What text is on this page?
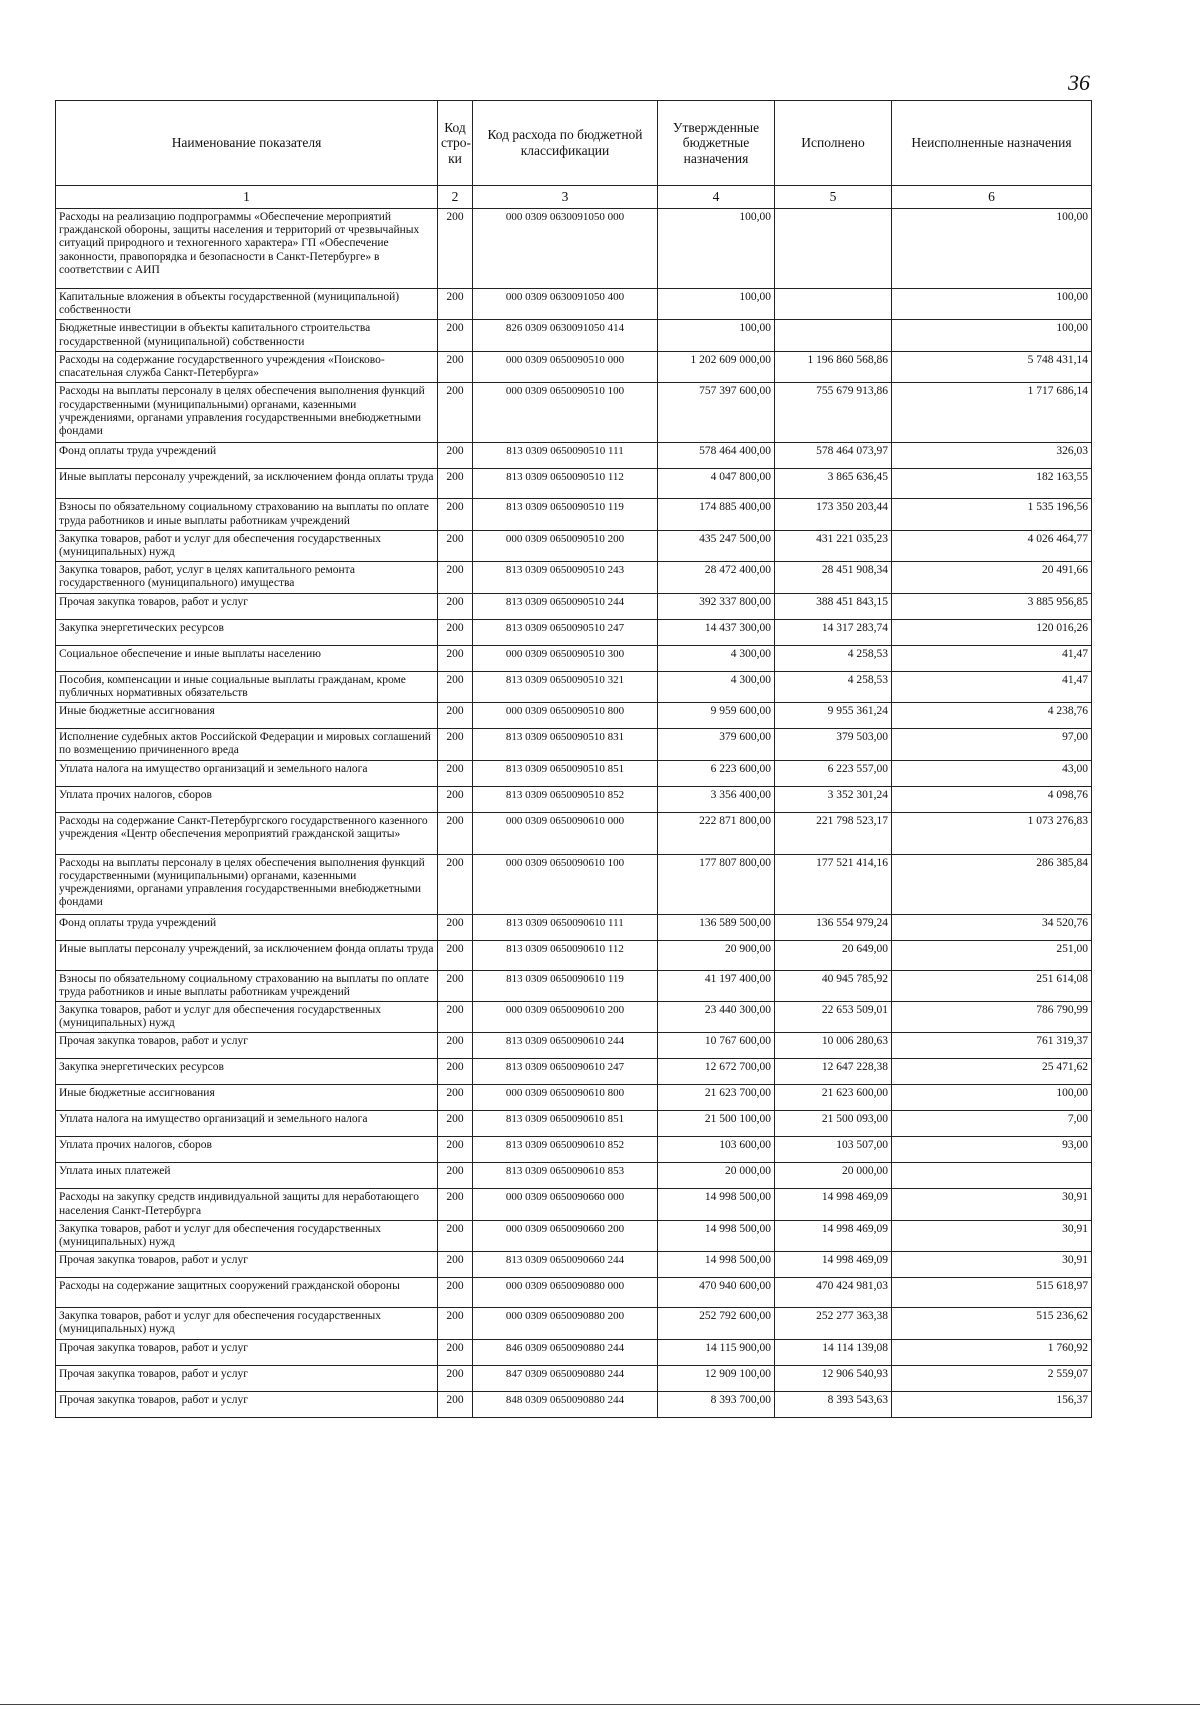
36
Наименование показателя	Код стро-ки	Код расхода по бюджетной классификации	Утвержденные бюджетные назначения	Исполнено	Неисполненные назначения
1	2	3	4	5	6
Расходы на реализацию подпрограммы «Обеспечение мероприятий гражданской обороны, защиты населения и территорий от чрезвычайных ситуаций природного и техногенного характера» ГП «Обеспечение законности, правопорядка и безопасности в Санкт-Петербурге» в соответствии с АИП	200	000 0309 0630091050 000	100,00		100,00
Капитальные вложения в объекты государственной (муниципальной) собственности	200	000 0309 0630091050 400	100,00		100,00
Бюджетные инвестиции в объекты капитального строительства государственной (муниципальной) собственности	200	826 0309 0630091050 414	100,00		100,00
Расходы на содержание государственного учреждения «Поисково-спасательная служба Санкт-Петербурга»	200	000 0309 0650090510 000	1 202 609 000,00	1 196 860 568,86	5 748 431,14
Расходы на выплаты персоналу в целях обеспечения выполнения функций государственными (муниципальными) органами, казенными учреждениями, органами управления государственными внебюджетными фондами	200	000 0309 0650090510 100	757 397 600,00	755 679 913,86	1 717 686,14
Фонд оплаты труда учреждений	200	813 0309 0650090510 111	578 464 400,00	578 464 073,97	326,03
Иные выплаты персоналу учреждений, за исключением фонда оплаты труда	200	813 0309 0650090510 112	4 047 800,00	3 865 636,45	182 163,55
Взносы по обязательному социальному страхованию на выплаты по оплате труда работников и иные выплаты работникам учреждений	200	813 0309 0650090510 119	174 885 400,00	173 350 203,44	1 535 196,56
Закупка товаров, работ и услуг для обеспечения государственных (муниципальных) нужд	200	000 0309 0650090510 200	435 247 500,00	431 221 035,23	4 026 464,77
Закупка товаров, работ, услуг в целях капитального ремонта государственного (муниципального) имущества	200	813 0309 0650090510 243	28 472 400,00	28 451 908,34	20 491,66
Прочая закупка товаров, работ и услуг	200	813 0309 0650090510 244	392 337 800,00	388 451 843,15	3 885 956,85
Закупка энергетических ресурсов	200	813 0309 0650090510 247	14 437 300,00	14 317 283,74	120 016,26
Социальное обеспечение и иные выплаты населению	200	000 0309 0650090510 300	4 300,00	4 258,53	41,47
Пособия, компенсации и иные социальные выплаты гражданам, кроме публичных нормативных обязательств	200	813 0309 0650090510 321	4 300,00	4 258,53	41,47
Иные бюджетные ассигнования	200	000 0309 0650090510 800	9 959 600,00	9 955 361,24	4 238,76
Исполнение судебных актов Российской Федерации и мировых соглашений по возмещению причиненного вреда	200	813 0309 0650090510 831	379 600,00	379 503,00	97,00
Уплата налога на имущество организаций и земельного налога	200	813 0309 0650090510 851	6 223 600,00	6 223 557,00	43,00
Уплата прочих налогов, сборов	200	813 0309 0650090510 852	3 356 400,00	3 352 301,24	4 098,76
Расходы на содержание Санкт-Петербургского государственного казенного учреждения «Центр обеспечения мероприятий гражданской защиты»	200	000 0309 0650090610 000	222 871 800,00	221 798 523,17	1 073 276,83
Расходы на выплаты персоналу в целях обеспечения выполнения функций государственными (муниципальными) органами, казенными учреждениями, органами управления государственными внебюджетными фондами	200	000 0309 0650090610 100	177 807 800,00	177 521 414,16	286 385,84
Фонд оплаты труда учреждений	200	813 0309 0650090610 111	136 589 500,00	136 554 979,24	34 520,76
Иные выплаты персоналу учреждений, за исключением фонда оплаты труда	200	813 0309 0650090610 112	20 900,00	20 649,00	251,00
Взносы по обязательному социальному страхованию на выплаты по оплате труда работников и иные выплаты работникам учреждений	200	813 0309 0650090610 119	41 197 400,00	40 945 785,92	251 614,08
Закупка товаров, работ и услуг для обеспечения государственных (муниципальных) нужд	200	000 0309 0650090610 200	23 440 300,00	22 653 509,01	786 790,99
Прочая закупка товаров, работ и услуг	200	813 0309 0650090610 244	10 767 600,00	10 006 280,63	761 319,37
Закупка энергетических ресурсов	200	813 0309 0650090610 247	12 672 700,00	12 647 228,38	25 471,62
Иные бюджетные ассигнования	200	000 0309 0650090610 800	21 623 700,00	21 623 600,00	100,00
Уплата налога на имущество организаций и земельного налога	200	813 0309 0650090610 851	21 500 100,00	21 500 093,00	7,00
Уплата прочих налогов, сборов	200	813 0309 0650090610 852	103 600,00	103 507,00	93,00
Уплата иных платежей	200	813 0309 0650090610 853	20 000,00	20 000,00	
Расходы на закупку средств индивидуальной защиты для неработающего населения Санкт-Петербурга	200	000 0309 0650090660 000	14 998 500,00	14 998 469,09	30,91
Закупка товаров, работ и услуг для обеспечения государственных (муниципальных) нужд	200	000 0309 0650090660 200	14 998 500,00	14 998 469,09	30,91
Прочая закупка товаров, работ и услуг	200	813 0309 0650090660 244	14 998 500,00	14 998 469,09	30,91
Расходы на содержание защитных сооружений гражданской обороны	200	000 0309 0650090880 000	470 940 600,00	470 424 981,03	515 618,97
Закупка товаров, работ и услуг для обеспечения государственных (муниципальных) нужд	200	000 0309 0650090880 200	252 792 600,00	252 277 363,38	515 236,62
Прочая закупка товаров, работ и услуг	200	846 0309 0650090880 244	14 115 900,00	14 114 139,08	1 760,92
Прочая закупка товаров, работ и услуг	200	847 0309 0650090880 244	12 909 100,00	12 906 540,93	2 559,07
Прочая закупка товаров, работ и услуг	200	848 0309 0650090880 244	8 393 700,00	8 393 543,63	156,37
